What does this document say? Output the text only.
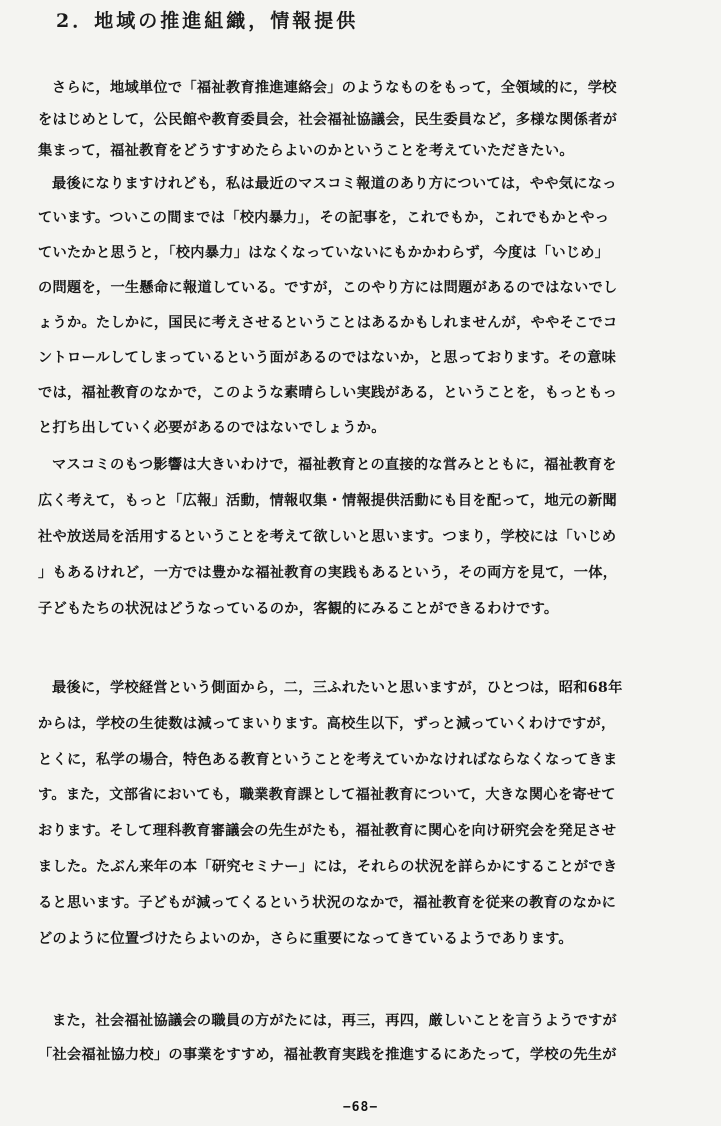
2．地域の推進組織，情報提供
さらに，地域単位で「福祉教育推進連絡会」のようなものをもって，全領域的に，学校
をはじめとして，公民館や教育委員会，社会福祉協議会，民生委員など，多様な関係者が
集まって，福祉教育をどうすすめたらよいのかということを考えていただきたい。
最後になりますけれども，私は最近のマスコミ報道のあり方については，やや気になっ
ています。ついこの間までは「校内暴力」，その記事を，これでもか，これでもかとやっ
ていたかと思うと，「校内暴力」はなくなっていないにもかかわらず，今度は「いじめ」
の問題を，一生懸命に報道している。ですが，このやり方には問題があるのではないでし
ょうか。たしかに，国民に考えさせるということはあるかもしれませんが，ややそこでコ
ントロールしてしまっているという面があるのではないか，と思っております。その意味
では，福祉教育のなかで，このような素晴らしい実践がある，ということを，もっともっ
と打ち出していく必要があるのではないでしょうか。
マスコミのもつ影響は大きいわけで，福祉教育との直接的な営みとともに，福祉教育を
広く考えて，もっと「広報」活動，情報収集・情報提供活動にも目を配って，地元の新聞
社や放送局を活用するということを考えて欲しいと思います。つまり，学校には「いじめ
」もあるけれど，一方では豊かな福祉教育の実践もあるという，その両方を見て，一体，
子どもたちの状況はどうなっているのか，客観的にみることができるわけです。
最後に，学校経営という側面から，二，三ふれたいと思いますが，ひとつは，昭和68年
からは，学校の生徒数は減ってまいります。高校生以下，ずっと減っていくわけですが，
とくに，私学の場合，特色ある教育ということを考えていかなければならなくなってきま
す。また，文部省においても，職業教育課として福祉教育について，大きな関心を寄せて
おります。そして理科教育審議会の先生がたも，福祉教育に関心を向け研究会を発足させ
ました。たぶん来年の本「研究セミナー」には，それらの状況を詳らかにすることができ
ると思います。子どもが減ってくるという状況のなかで，福祉教育を従来の教育のなかに
どのように位置づけたらよいのか，さらに重要になってきているようであります。
また，社会福祉協議会の職員の方がたには，再三，再四，厳しいことを言うようですが
「社会福祉協力校」の事業をすすめ，福祉教育実践を推進するにあたって，学校の先生が
−68−
